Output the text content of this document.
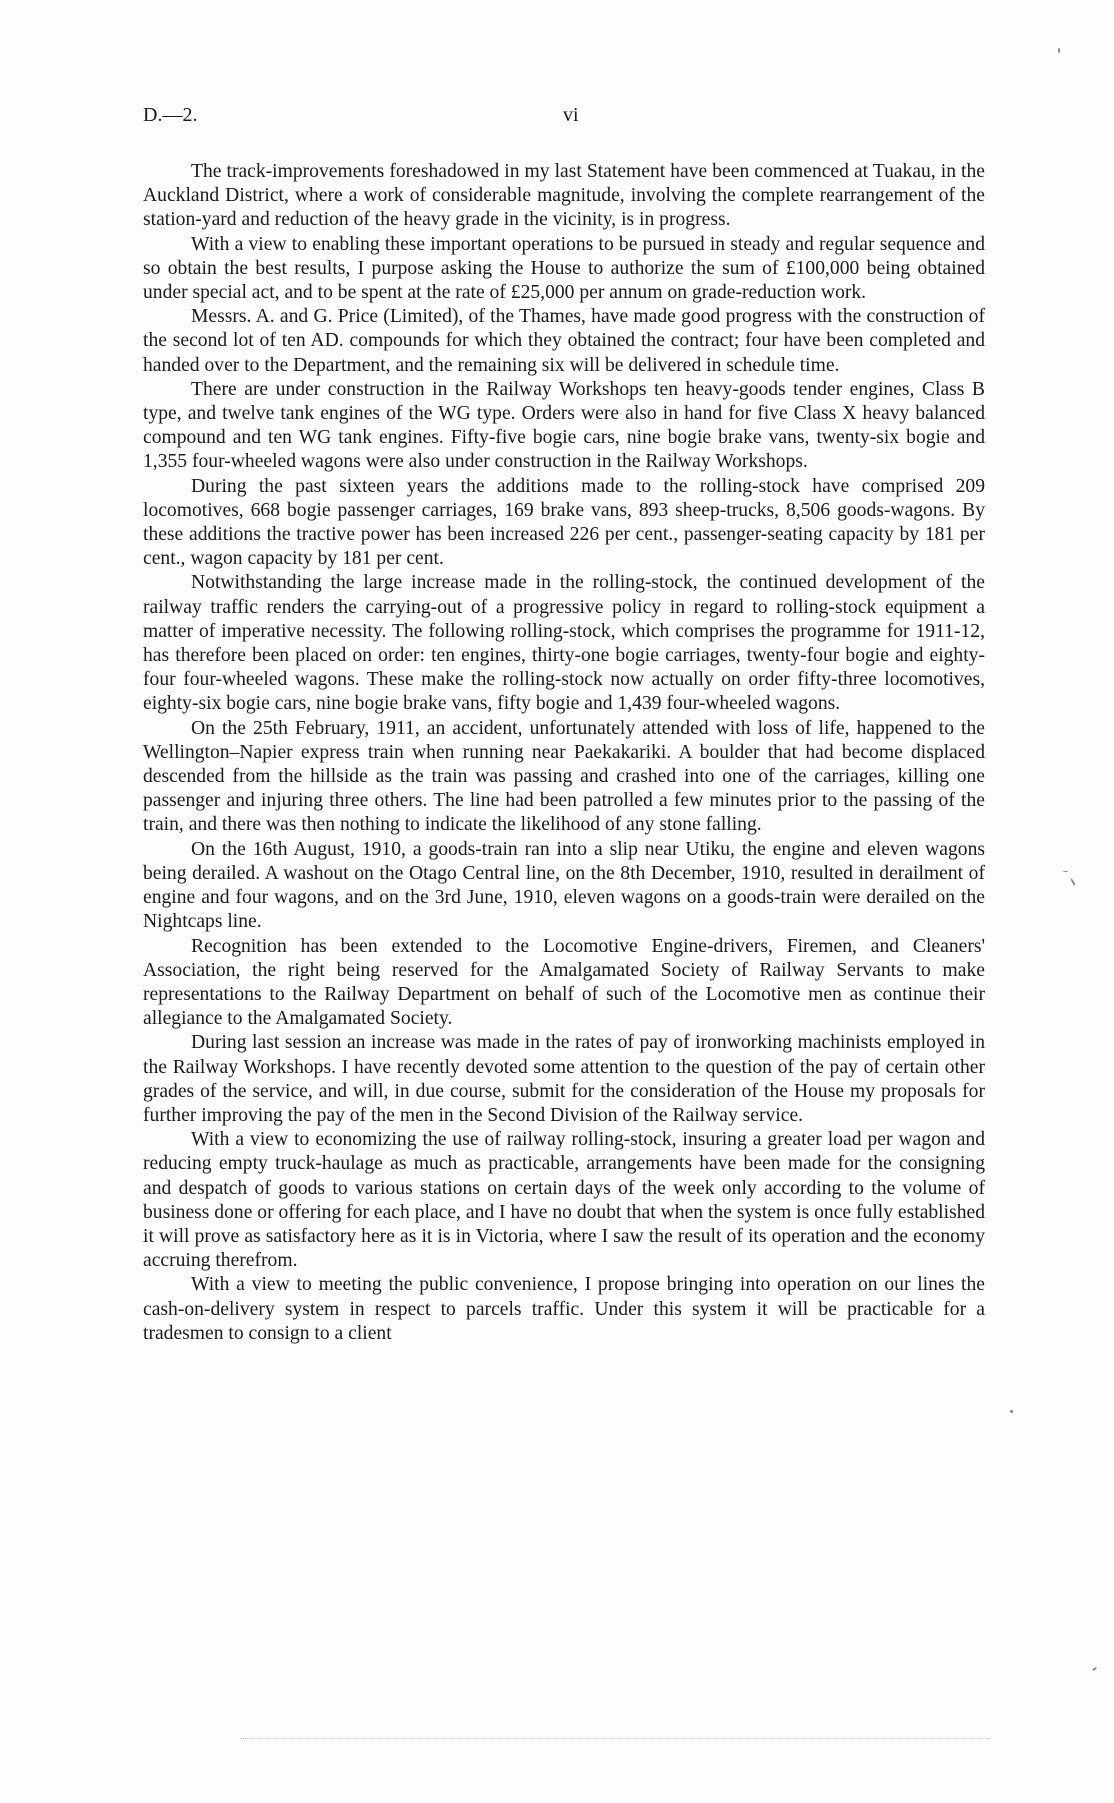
D.—2.	vi

The track-improvements foreshadowed in my last Statement have been commenced at Tuakau, in the Auckland District, where a work of considerable magnitude, involving the complete rearrangement of the station-yard and reduction of the heavy grade in the vicinity, is in progress.

With a view to enabling these important operations to be pursued in steady and regular sequence and so obtain the best results, I purpose asking the House to authorize the sum of £100,000 being obtained under special act, and to be spent at the rate of £25,000 per annum on grade-reduction work.

Messrs. A. and G. Price (Limited), of the Thames, have made good progress with the construction of the second lot of ten AD. compounds for which they obtained the contract; four have been completed and handed over to the Department, and the remaining six will be delivered in schedule time.

There are under construction in the Railway Workshops ten heavy-goods tender engines, Class B type, and twelve tank engines of the WG type. Orders were also in hand for five Class X heavy balanced compound and ten WG tank engines. Fifty-five bogie cars, nine bogie brake vans, twenty-six bogie and 1,355 four-wheeled wagons were also under construction in the Railway Workshops.

During the past sixteen years the additions made to the rolling-stock have comprised 209 locomotives, 668 bogie passenger carriages, 169 brake vans, 893 sheep-trucks, 8,506 goods-wagons. By these additions the tractive power has been increased 226 per cent., passenger-seating capacity by 181 per cent., wagon capacity by 181 per cent.

Notwithstanding the large increase made in the rolling-stock, the continued development of the railway traffic renders the carrying-out of a progressive policy in regard to rolling-stock equipment a matter of imperative necessity. The following rolling-stock, which comprises the programme for 1911-12, has therefore been placed on order: ten engines, thirty-one bogie carriages, twenty-four bogie and eighty-four four-wheeled wagons. These make the rolling-stock now actually on order fifty-three locomotives, eighty-six bogie cars, nine bogie brake vans, fifty bogie and 1,439 four-wheeled wagons.

On the 25th February, 1911, an accident, unfortunately attended with loss of life, happened to the Wellington–Napier express train when running near Paekakariki. A boulder that had become displaced descended from the hillside as the train was passing and crashed into one of the carriages, killing one passenger and injuring three others. The line had been patrolled a few minutes prior to the passing of the train, and there was then nothing to indicate the likelihood of any stone falling.

On the 16th August, 1910, a goods-train ran into a slip near Utiku, the engine and eleven wagons being derailed. A washout on the Otago Central line, on the 8th December, 1910, resulted in derailment of engine and four wagons, and on the 3rd June, 1910, eleven wagons on a goods-train were derailed on the Nightcaps line.

Recognition has been extended to the Locomotive Engine-drivers, Firemen, and Cleaners' Association, the right being reserved for the Amalgamated Society of Railway Servants to make representations to the Railway Department on behalf of such of the Locomotive men as continue their allegiance to the Amalgamated Society.

During last session an increase was made in the rates of pay of ironworking machinists employed in the Railway Workshops. I have recently devoted some attention to the question of the pay of certain other grades of the service, and will, in due course, submit for the consideration of the House my proposals for further improving the pay of the men in the Second Division of the Railway service.

With a view to economizing the use of railway rolling-stock, insuring a greater load per wagon and reducing empty truck-haulage as much as practicable, arrangements have been made for the consigning and despatch of goods to various stations on certain days of the week only according to the volume of business done or offering for each place, and I have no doubt that when the system is once fully established it will prove as satisfactory here as it is in Victoria, where I saw the result of its operation and the economy accruing therefrom.

With a view to meeting the public convenience, I propose bringing into operation on our lines the cash-on-delivery system in respect to parcels traffic. Under this system it will be practicable for a tradesmen to consign to a client
